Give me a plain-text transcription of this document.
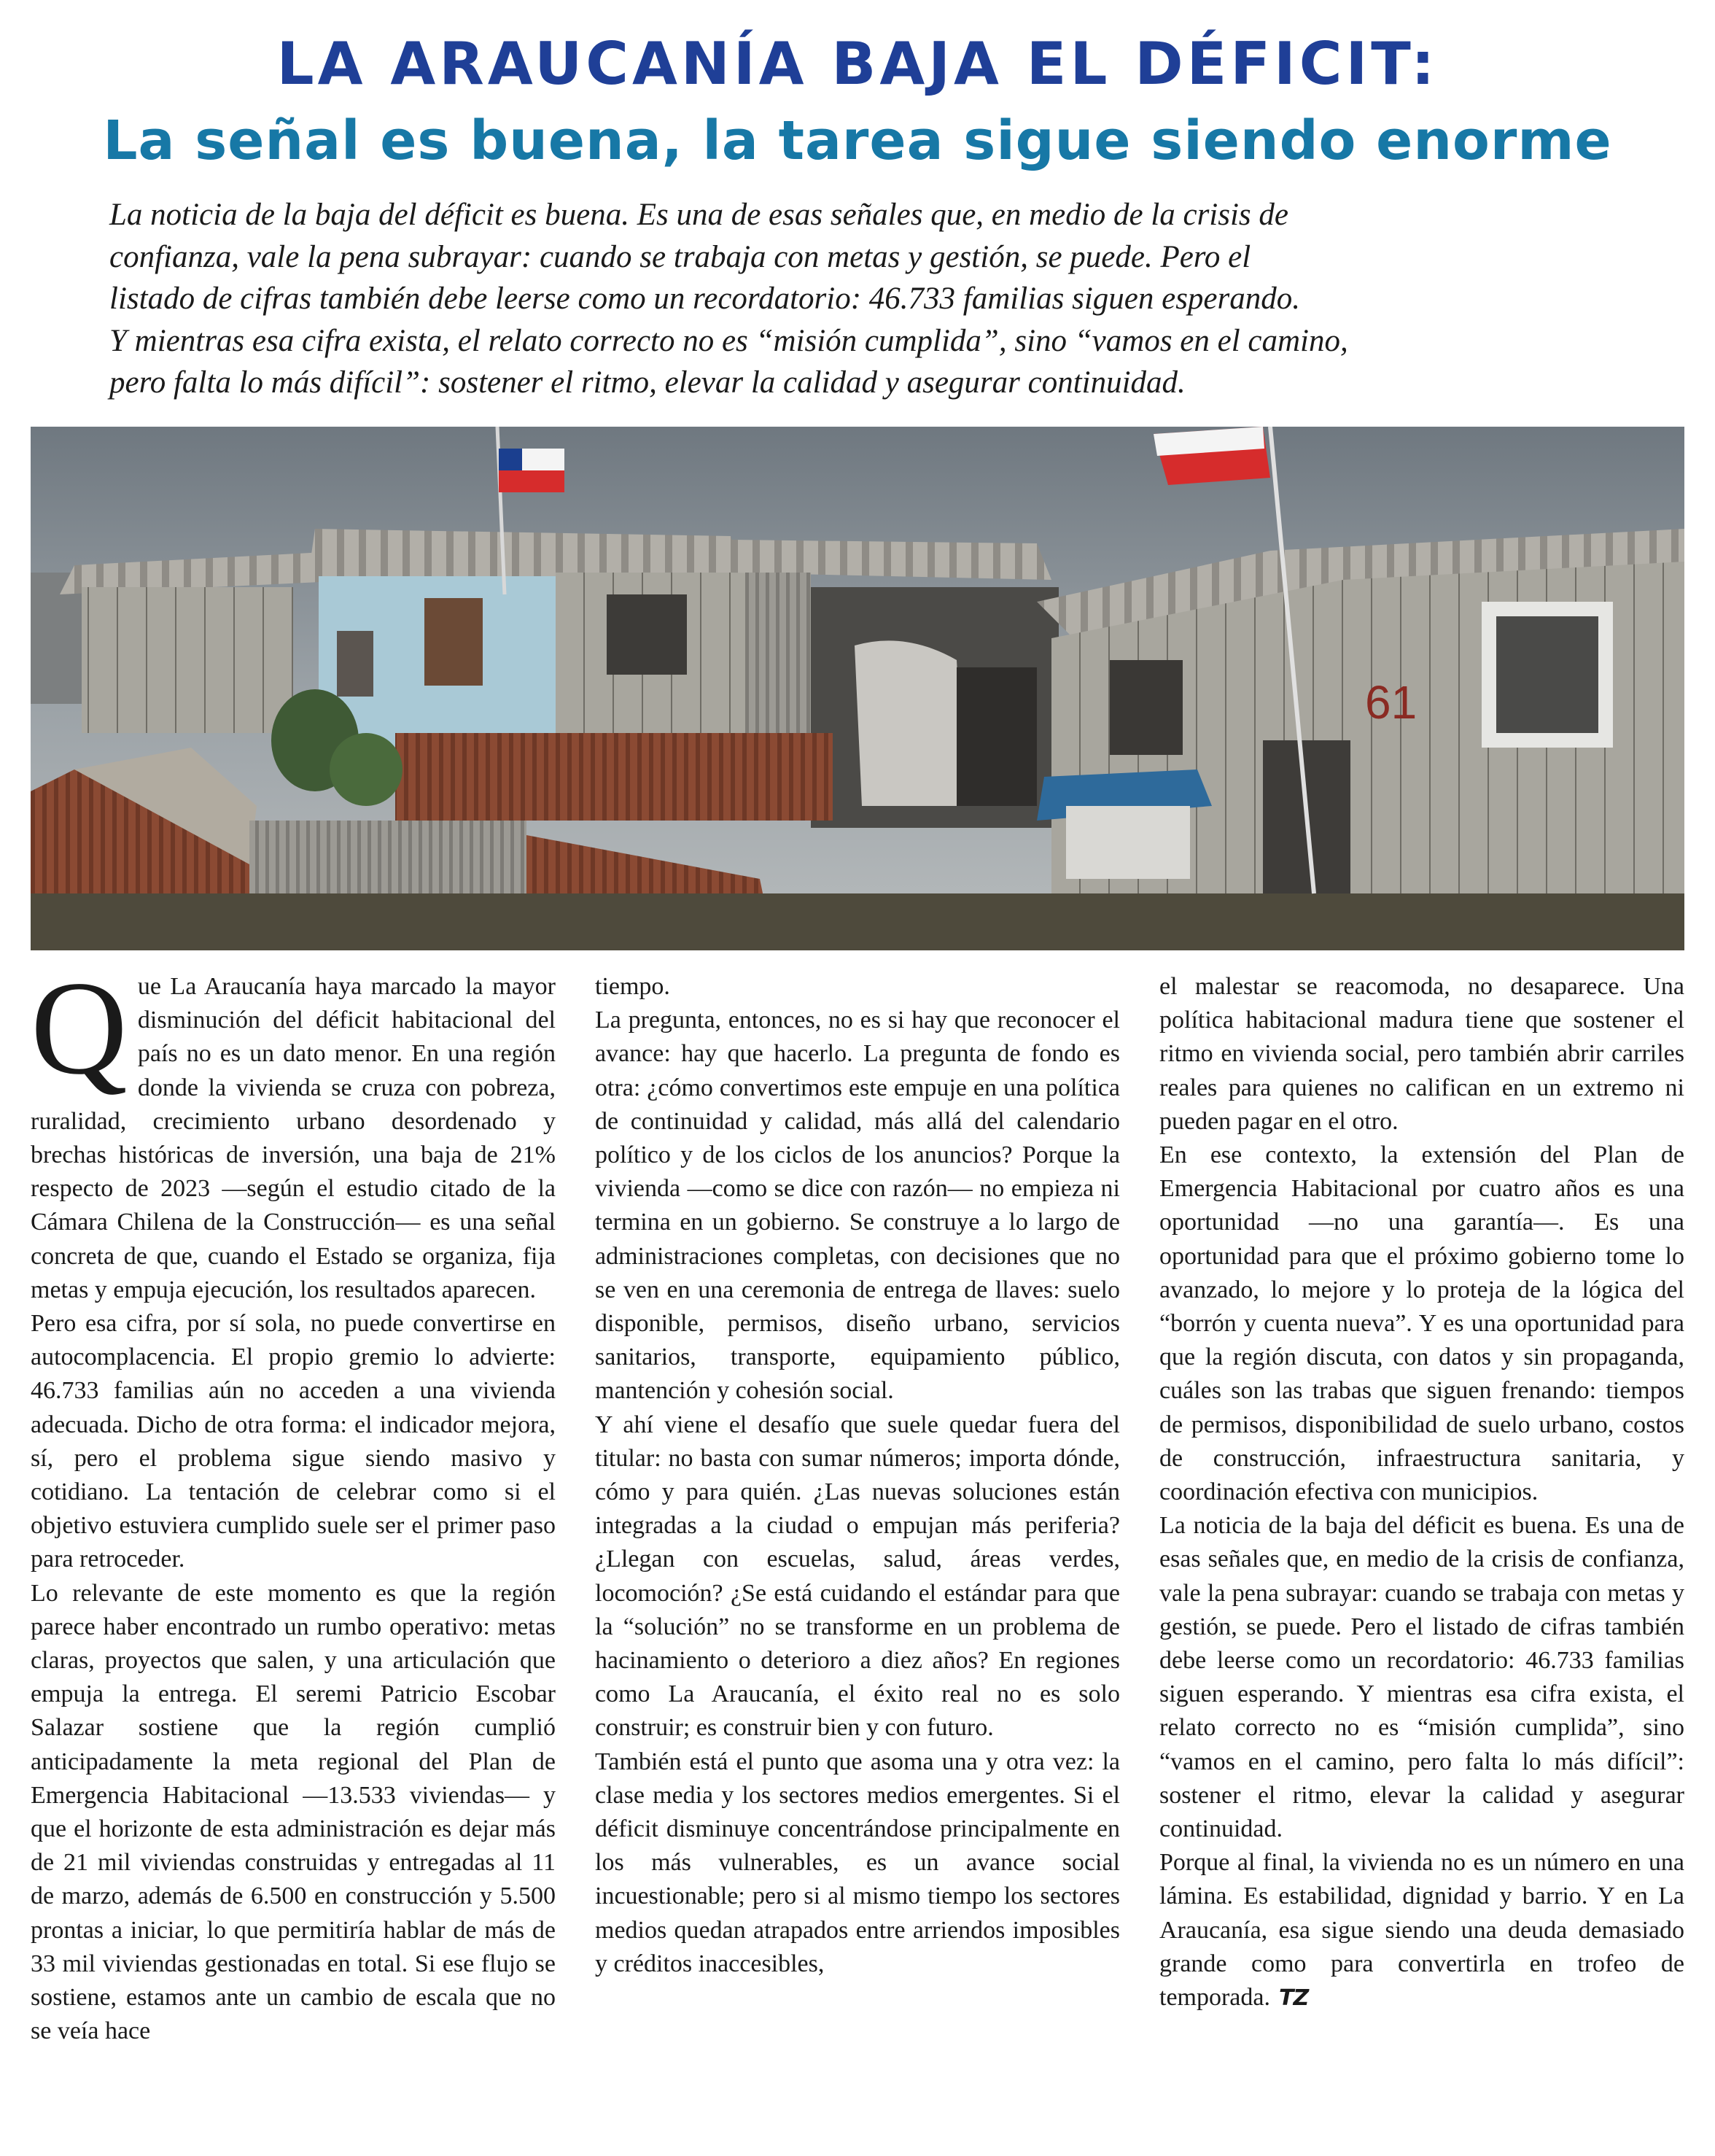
LA ARAUCANÍA BAJA EL DÉFICIT:
La señal es buena, la tarea sigue siendo enorme
La noticia de la baja del déficit es buena. Es una de esas señales que, en medio de la crisis de
confianza, vale la pena subrayar: cuando se trabaja con metas y gestión, se puede. Pero el
listado de cifras también debe leerse como un recordatorio: 46.733 familias siguen esperando.
Y mientras esa cifra exista, el relato correcto no es “misión cumplida”, sino “vamos en el camino,
pero falta lo más difícil”: sostener el ritmo, elevar la calidad y asegurar continuidad.
61

Que La Araucanía haya marcado la mayor disminución del déficit habitacional del país no es un dato menor. En una región donde la vivienda se cruza con pobreza, ruralidad, crecimiento urbano desordenado y brechas históricas de inversión, una baja de 21% respecto de 2023 —según el estudio citado de la Cámara Chilena de la Construcción— es una señal concreta de que, cuando el Estado se organiza, fija metas y empuja ejecución, los resultados aparecen.

Pero esa cifra, por sí sola, no puede convertirse en autocomplacencia. El propio gremio lo advierte: 46.733 familias aún no acceden a una vivienda adecuada. Dicho de otra forma: el indicador mejora, sí, pero el problema sigue siendo masivo y cotidiano. La tentación de celebrar como si el objetivo estuviera cumplido suele ser el primer paso para retroceder.

Lo relevante de este momento es que la región parece haber encontrado un rumbo operativo: metas claras, proyectos que salen, y una articulación que empuja la entrega. El seremi Patricio Escobar Salazar sostiene que la región cumplió anticipadamente la meta regional del Plan de Emergencia Habitacional —13.533 viviendas— y que el horizonte de esta administración es dejar más de 21 mil viviendas construidas y entregadas al 11 de marzo, además de 6.500 en construcción y 5.500 prontas a iniciar, lo que permitiría hablar de más de 33 mil viviendas gestionadas en total. Si ese flujo se sostiene, estamos ante un cambio de escala que no se veía hace

tiempo.

La pregunta, entonces, no es si hay que reconocer el avance: hay que hacerlo. La pregunta de fondo es otra: ¿cómo convertimos este empuje en una política de continuidad y calidad, más allá del calendario político y de los ciclos de los anuncios? Porque la vivienda —como se dice con razón— no empieza ni termina en un gobierno. Se construye a lo largo de administraciones completas, con decisiones que no se ven en una ceremonia de entrega de llaves: suelo disponible, permisos, diseño urbano, servicios sanitarios, transporte, equipamiento público, mantención y cohesión social.

Y ahí viene el desafío que suele quedar fuera del titular: no basta con sumar números; importa dónde, cómo y para quién. ¿Las nuevas soluciones están integradas a la ciudad o empujan más periferia? ¿Llegan con escuelas, salud, áreas verdes, locomoción? ¿Se está cuidando el estándar para que la “solución” no se transforme en un problema de hacinamiento o deterioro a diez años? En regiones como La Araucanía, el éxito real no es solo construir; es construir bien y con futuro.

También está el punto que asoma una y otra vez: la clase media y los sectores medios emergentes. Si el déficit disminuye concentrándose principalmente en los más vulnerables, es un avance social incuestionable; pero si al mismo tiempo los sectores medios quedan atrapados entre arriendos imposibles y créditos inaccesibles,

el malestar se reacomoda, no desaparece. Una política habitacional madura tiene que sostener el ritmo en vivienda social, pero también abrir carriles reales para quienes no califican en un extremo ni pueden pagar en el otro.

En ese contexto, la extensión del Plan de Emergencia Habitacional por cuatro años es una oportunidad —no una garantía—. Es una oportunidad para que el próximo gobierno tome lo avanzado, lo mejore y lo proteja de la lógica del “borrón y cuenta nueva”. Y es una oportunidad para que la región discuta, con datos y sin propaganda, cuáles son las trabas que siguen frenando: tiempos de permisos, disponibilidad de suelo urbano, costos de construcción, infraestructura sanitaria, y coordinación efectiva con municipios.

La noticia de la baja del déficit es buena. Es una de esas señales que, en medio de la crisis de confianza, vale la pena subrayar: cuando se trabaja con metas y gestión, se puede. Pero el listado de cifras también debe leerse como un recordatorio: 46.733 familias siguen esperando. Y mientras esa cifra exista, el relato correcto no es “misión cumplida”, sino “vamos en el camino, pero falta lo más difícil”: sostener el ritmo, elevar la calidad y asegurar continuidad.

Porque al final, la vivienda no es un número en una lámina. Es estabilidad, dignidad y barrio. Y en La Araucanía, esa sigue siendo una deuda demasiado grande como para convertirla en trofeo de temporada. TZ
